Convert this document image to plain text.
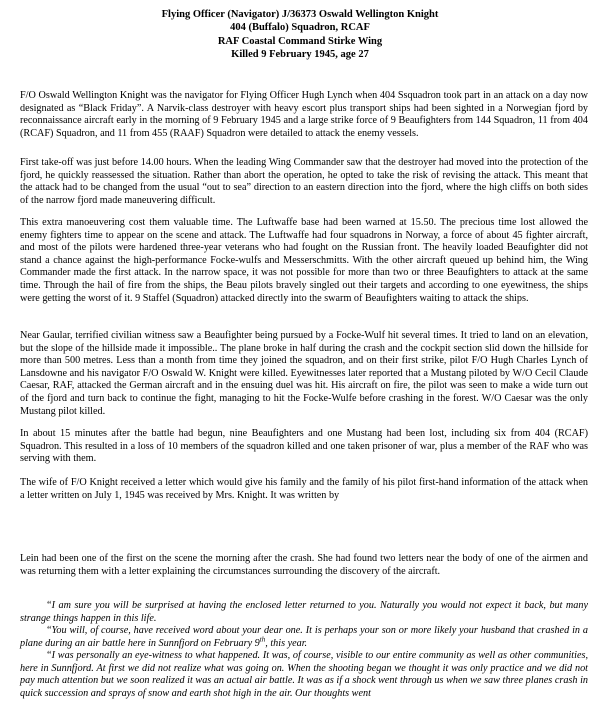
Flying Officer (Navigator) J/36373 Oswald Wellington Knight
404 (Buffalo) Squadron, RCAF
RAF Coastal Command Stirke Wing
Killed 9 February 1945, age 27

F/O Oswald Wellington Knight was the navigator for Flying Officer Hugh Lynch when 404 Ssquadron took part in an attack on a day now designated as “Black Friday”. A Narvik-class destroyer with heavy escort plus transport ships had been sighted in a Norwegian fjord by reconnaissance aircraft early in the morning of 9 February 1945 and a large strike force of 9 Beaufighters from 144 Squadron, 11 from 404 (RCAF) Squadron, and 11 from 455 (RAAF) Squadron were detailed to attack the enemy vessels.

First take-off was just before 14.00 hours. When the leading Wing Commander saw that the destroyer had moved into the protection of the fjord, he quickly reassessed the situation. Rather than abort the operation, he opted to take the risk of revising the attack. This meant that the attack had to be changed from the usual “out to sea” direction to an eastern direction into the fjord, where the high cliffs on both sides of the narrow fjord made maneuvering difficult.

This extra manoeuvering cost them valuable time. The Luftwaffe base had been warned at 15.50. The precious time lost allowed the enemy fighters time to appear on the scene and attack. The Luftwaffe had four squadrons in Norway, a force of about 45 fighter aircraft, and most of the pilots were hardened three-year veterans who had fought on the Russian front. The heavily loaded Beaufighter did not stand a chance against the high-performance Focke-wulfs and Messerschmitts. With the other aircraft queued up behind him, the Wing Commander made the first attack. In the narrow space, it was not possible for more than two or three Beaufighters to attack at the same time. Through the hail of fire from the ships, the Beau pilots bravely singled out their targets and according to one eyewitness, the ships were getting the worst of it. 9 Staffel (Squadron) attacked directly into the swarm of Beaufighters waiting to attack the ships.

Near Gaular, terrified civilian witness saw a Beaufighter being pursued by a Focke-Wulf hit several times. It tried to land on an elevation, but the slope of the hillside made it impossible.. The plane broke in half during the crash and the cockpit section slid down the hillside for more than 500 metres. Less than a month from time they joined the squadron, and on their first strike, pilot F/O Hugh Charles Lynch of Lansdowne and his navigator F/O Oswald W. Knight were killed. Eyewitnesses later reported that a Mustang piloted by W/O Cecil Claude Caesar, RAF, attacked the German aircraft and in the ensuing duel was hit. His aircraft on fire, the pilot was seen to make a wide turn out of the fjord and turn back to continue the fight, managing to hit the Focke-Wulfe before crashing in the forest. W/O Caesar was the only Mustang pilot killed.

In about 15 minutes after the battle had begun, nine Beaufighters and one Mustang had been lost, including six from 404 (RCAF) Squadron. This resulted in a loss of 10 members of the squadron killed and one taken prisoner of war, plus a member of the RAF who was serving with them.

The wife of F/O Knight received a letter which would give his family and the family of his pilot first-hand information of the attack when a letter written on July 1, 1945 was received by Mrs. Knight. It was written by

Lein had been one of the first on the scene the morning after the crash. She had found two letters near the body of one of the airmen and was returning them with a letter explaining the circumstances surrounding the discovery of the aircraft.

“I am sure you will be surprised at having the enclosed letter returned to you. Naturally you would not expect it back, but many strange things happen in this life.

“You will, of course, have received word about your dear one. It is perhaps your son or more likely your husband that crashed in a plane during an air battle here in Sunnfjord on February 9th, this year.

“I was personally an eye-witness to what happened. It was, of course, visible to our entire community as well as other communities, here in Sunnfjord. At first we did not realize what was going on. When the shooting began we thought it was only practice and we did not pay much attention but we soon realized it was an actual air battle. It was as if a shock went through us when we saw three planes crash in quick succession and sprays of snow and earth shot high in the air. Our thoughts went
